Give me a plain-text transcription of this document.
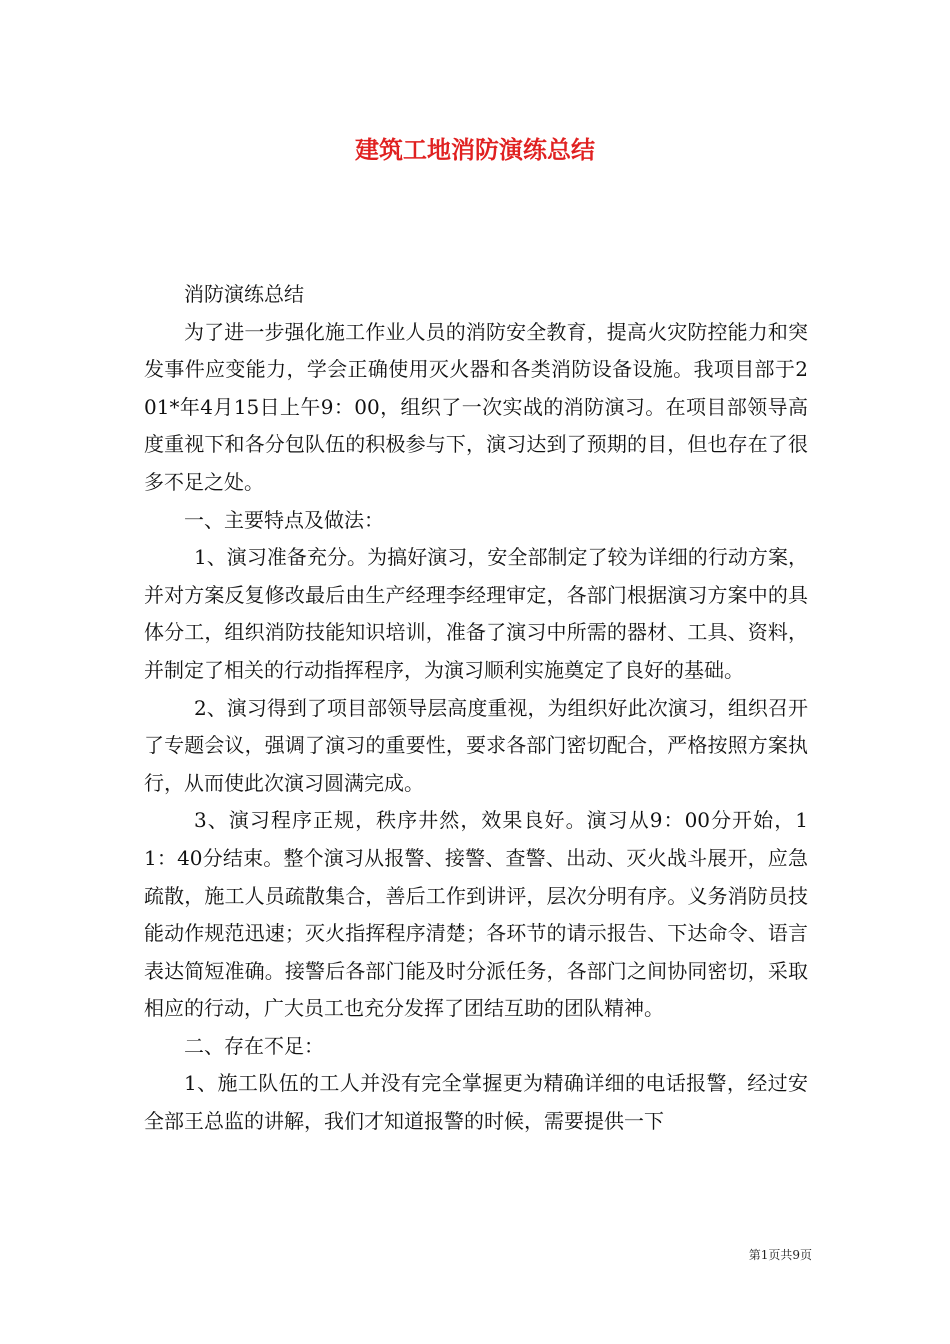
建筑工地消防演练总结

消防演练总结

为了进一步强化施工作业人员的消防安全教育，提高火灾防控能力和突发事件应变能力，学会正确使用灭火器和各类消防设备设施。我项目部于201*年4月15日上午9：00，组织了一次实战的消防演习。在项目部领导高度重视下和各分包队伍的积极参与下，演习达到了预期的目，但也存在了很多不足之处。

一、主要特点及做法：

1、演习准备充分。为搞好演习，安全部制定了较为详细的行动方案，并对方案反复修改最后由生产经理李经理审定，各部门根据演习方案中的具体分工，组织消防技能知识培训，准备了演习中所需的器材、工具、资料，并制定了相关的行动指挥程序，为演习顺利实施奠定了良好的基础。

2、演习得到了项目部领导层高度重视，为组织好此次演习，组织召开了专题会议，强调了演习的重要性，要求各部门密切配合，严格按照方案执行，从而使此次演习圆满完成。

3、演习程序正规，秩序井然，效果良好。演习从9：00分开始，11：40分结束。整个演习从报警、接警、查警、出动、灭火战斗展开，应急疏散，施工人员疏散集合，善后工作到讲评，层次分明有序。义务消防员技能动作规范迅速；灭火指挥程序清楚；各环节的请示报告、下达命令、语言表达简短准确。接警后各部门能及时分派任务，各部门之间协同密切，采取相应的行动，广大员工也充分发挥了团结互助的团队精神。

二、存在不足：

1、施工队伍的工人并没有完全掌握更为精确详细的电话报警，经过安全部王总监的讲解，我们才知道报警的时候，需要提供一下

第1页共9页
